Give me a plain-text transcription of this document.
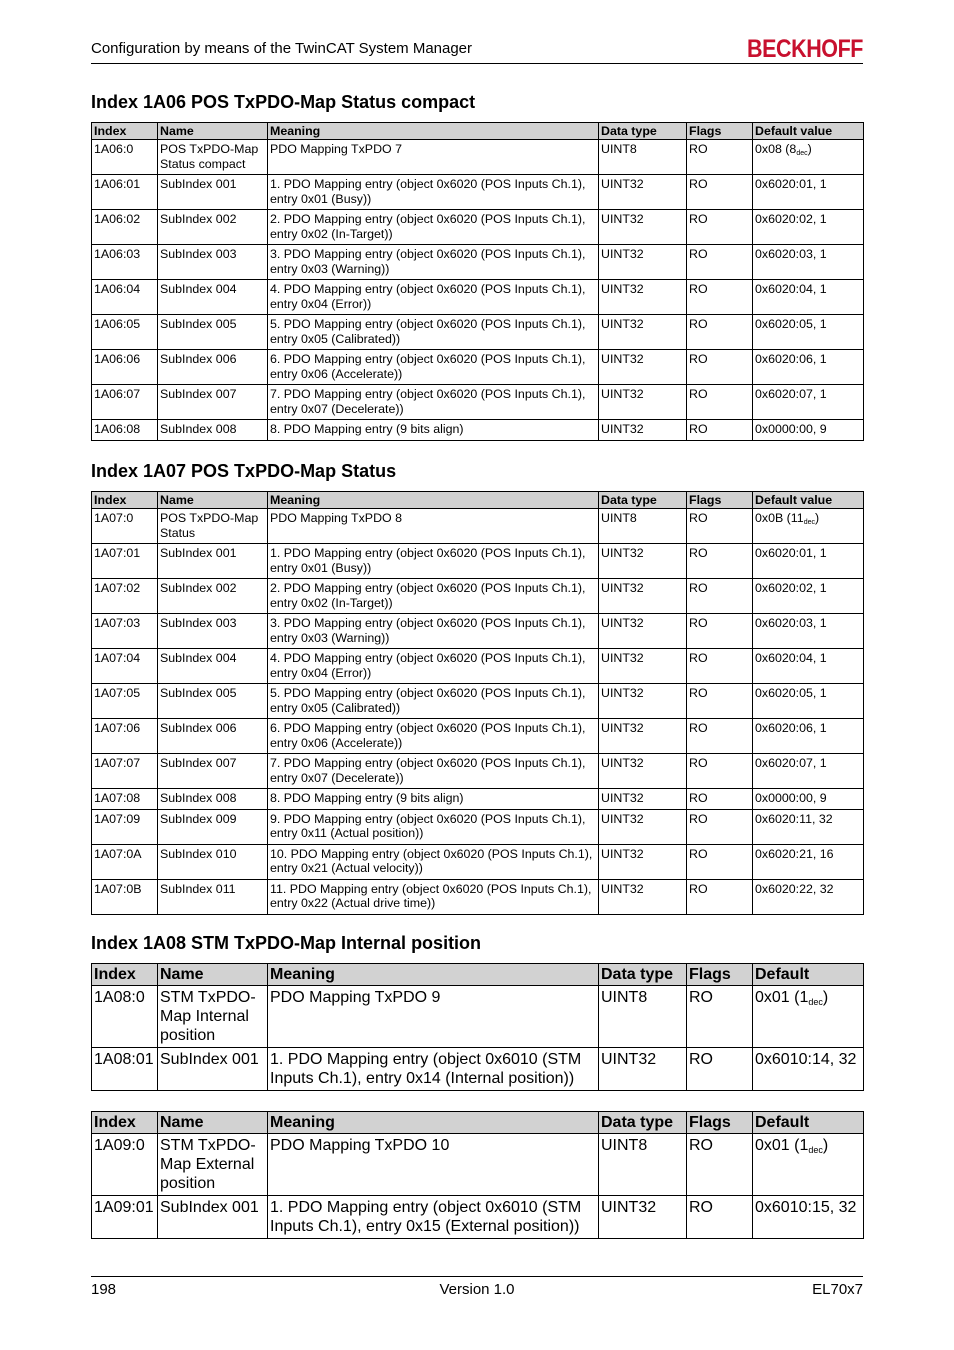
Configuration by means of the TwinCAT System Manager	BECKHOFF
Index 1A06 POS TxPDO-Map Status compact
Index	Name	Meaning	Data type	Flags	Default value
1A06:0	POS TxPDO-Map Status compact	PDO Mapping TxPDO 7	UINT8	RO	0x08 $(8_{dec})$
1A06:01	SubIndex 001	1. PDO Mapping entry (object 0x6020 (POS Inputs Ch.1), entry 0x01 (Busy))	UINT32	RO	0x6020:01, 1
1A06:02	SubIndex 002	2. PDO Mapping entry (object 0x6020 (POS Inputs Ch.1), entry 0x02 (In-Target))	UINT32	RO	0x6020:02, 1
1A06:03	SubIndex 003	3. PDO Mapping entry (object 0x6020 (POS Inputs Ch.1), entry 0x03 (Warning))	UINT32	RO	0x6020:03, 1
1A06:04	SubIndex 004	4. PDO Mapping entry (object 0x6020 (POS Inputs Ch.1), entry 0x04 (Error))	UINT32	RO	0x6020:04, 1
1A06:05	SubIndex 005	5. PDO Mapping entry (object 0x6020 (POS Inputs Ch.1), entry 0x05 (Calibrated))	UINT32	RO	0x6020:05, 1
1A06:06	SubIndex 006	6. PDO Mapping entry (object 0x6020 (POS Inputs Ch.1), entry 0x06 (Accelerate))	UINT32	RO	0x6020:06, 1
1A06:07	SubIndex 007	7. PDO Mapping entry (object 0x6020 (POS Inputs Ch.1), entry 0x07 (Decelerate))	UINT32	RO	0x6020:07, 1
1A06:08	SubIndex 008	8. PDO Mapping entry (9 bits align)	UINT32	RO	0x0000:00, 9
Index 1A07 POS TxPDO-Map Status
Index	Name	Meaning	Data type	Flags	Default value
1A07:0	POS TxPDO-Map Status	PDO Mapping TxPDO 8	UINT8	RO	0x0B $(11_{dec})$
1A07:01	SubIndex 001	1. PDO Mapping entry (object 0x6020 (POS Inputs Ch.1), entry 0x01 (Busy))	UINT32	RO	0x6020:01, 1
1A07:02	SubIndex 002	2. PDO Mapping entry (object 0x6020 (POS Inputs Ch.1), entry 0x02 (In-Target))	UINT32	RO	0x6020:02, 1
1A07:03	SubIndex 003	3. PDO Mapping entry (object 0x6020 (POS Inputs Ch.1), entry 0x03 (Warning))	UINT32	RO	0x6020:03, 1
1A07:04	SubIndex 004	4. PDO Mapping entry (object 0x6020 (POS Inputs Ch.1), entry 0x04 (Error))	UINT32	RO	0x6020:04, 1
1A07:05	SubIndex 005	5. PDO Mapping entry (object 0x6020 (POS Inputs Ch.1), entry 0x05 (Calibrated))	UINT32	RO	0x6020:05, 1
1A07:06	SubIndex 006	6. PDO Mapping entry (object 0x6020 (POS Inputs Ch.1), entry 0x06 (Accelerate))	UINT32	RO	0x6020:06, 1
1A07:07	SubIndex 007	7. PDO Mapping entry (object 0x6020 (POS Inputs Ch.1), entry 0x07 (Decelerate))	UINT32	RO	0x6020:07, 1
1A07:08	SubIndex 008	8. PDO Mapping entry (9 bits align)	UINT32	RO	0x0000:00, 9
1A07:09	SubIndex 009	9. PDO Mapping entry (object 0x6020 (POS Inputs Ch.1), entry 0x11 (Actual position))	UINT32	RO	0x6020:11, 32
1A07:0A	SubIndex 010	10. PDO Mapping entry (object 0x6020 (POS Inputs Ch.1), entry 0x21 (Actual velocity))	UINT32	RO	0x6020:21, 16
1A07:0B	SubIndex 011	11. PDO Mapping entry (object 0x6020 (POS Inputs Ch.1), entry 0x22 (Actual drive time))	UINT32	RO	0x6020:22, 32
Index 1A08 STM TxPDO-Map Internal position
Index	Name	Meaning	Data type	Flags	Default
1A08:0	STM TxPDO-Map Internal position	PDO Mapping TxPDO 9	UINT8	RO	0x01 $(1_{dec})$
1A08:01	SubIndex 001	1. PDO Mapping entry (object 0x6010 (STM Inputs Ch.1), entry 0x14 (Internal position))	UINT32	RO	0x6010:14, 32
Index	Name	Meaning	Data type	Flags	Default
1A09:0	STM TxPDO-Map External position	PDO Mapping TxPDO 10	UINT8	RO	0x01 $(1_{dec})$
1A09:01	SubIndex 001	1. PDO Mapping entry (object 0x6010 (STM Inputs Ch.1), entry 0x15 (External position))	UINT32	RO	0x6010:15, 32
198	Version 1.0	EL70x7
